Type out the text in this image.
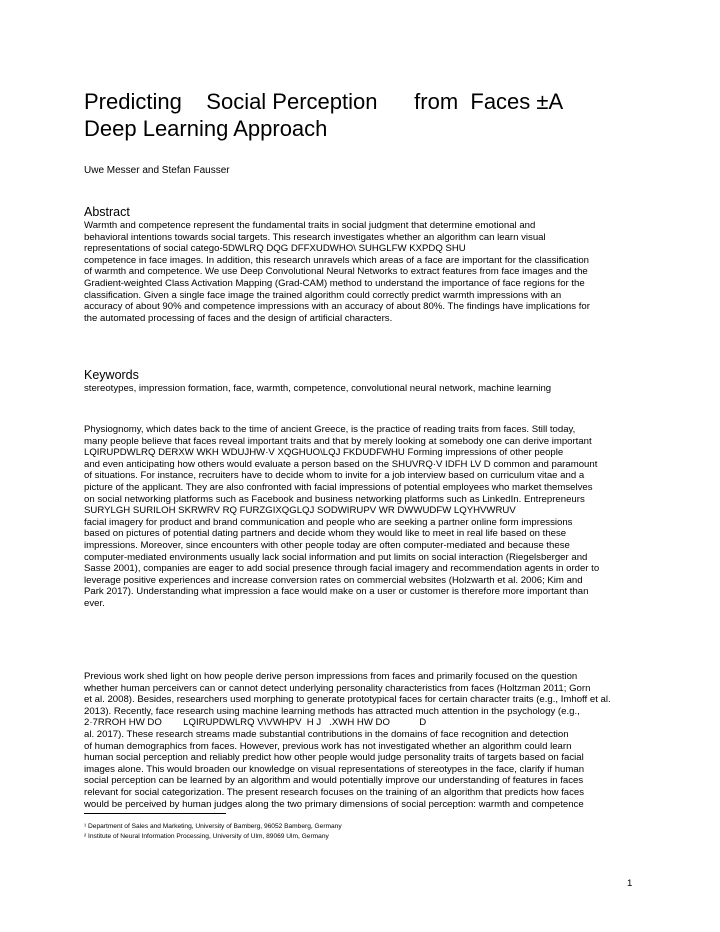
Predicting    Social Perception      from  Faces ±A
Deep Learning Approach
Uwe Messer and Stefan Fausser
Abstract
Warmth and competence represent the fundamental traits in social judgment that determine emotional and
behavioral intentions towards social targets. This research investigates whether an algorithm can learn visual
representations of social catego-5DWLRQ DQG DFFXUDWHO\ SUHGLFW KXPDQ SHU
competence in face images. In addition, this research unravels which areas of a face are important for the classification
of warmth and competence. We use Deep Convolutional Neural Networks to extract features from face images and the
Gradient-weighted Class Activation Mapping (Grad-CAM) method to understand the importance of face regions for the
classification. Given a single face image the trained algorithm could correctly predict warmth impressions with an
accuracy of about 90% and competence impressions with an accuracy of about 80%. The findings have implications for
the automated processing of faces and the design of artificial characters.
Keywords
stereotypes, impression formation, face, warmth, competence, convolutional neural network, machine learning
Physiognomy, which dates back to the time of ancient Greece, is the practice of reading traits from faces. Still today,
many people believe that faces reveal important traits and that by merely looking at somebody one can derive important
LQIRUPDWLRQ DERXW WKH WDUJHW·V XQGHUO\LQJ FKDUDFWHU Forming impressions of other people
and even anticipating how others would evaluate a person based on the SHUVRQ·V IDFH LV D common and paramount
of situations. For instance, recruiters have to decide whom to invite for a job interview based on curriculum vitae and a
picture of the applicant. They are also confronted with facial impressions of potential employees who market themselves
on social networking platforms such as Facebook and business networking platforms such as LinkedIn. Entrepreneurs
SURYLGH SURILOH SKRWRV RQ FURZGIXQGLQJ SODWIRUPV WR DWWUDFW LQYHVWRUV
facial imagery for product and brand communication and people who are seeking a partner online form impressions
based on pictures of potential dating partners and decide whom they would like to meet in real life based on these
impressions. Moreover, since encounters with other people today are often computer-mediated and because these
computer-mediated environments usually lack social information and put limits on social interaction (Riegelsberger and
Sasse 2001), companies are eager to add social presence through facial imagery and recommendation agents in order to
leverage positive experiences and increase conversion rates on commercial websites (Holzwarth et al. 2006; Kim and
Park 2017). Understanding what impression a face would make on a user or customer is therefore more important than
ever.
Previous work shed light on how people derive person impressions from faces and primarily focused on the question
whether human perceivers can or cannot detect underlying personality characteristics from faces (Holtzman 2011; Gorn
et al. 2008). Besides, researchers used morphing to generate prototypical faces for certain character traits (e.g., Imhoff et al.
2013). Recently, face research using machine learning methods has attracted much attention in the psychology (e.g.,
2·7RROH HW DO        LQIRUPDWLRQ V\VWHPV  H J   .XWH HW DO           D
al. 2017). These research streams made substantial contributions in the domains of face recognition and detection
of human demographics from faces. However, previous work has not investigated whether an algorithm could learn
human social perception and reliably predict how other people would judge personality traits of targets based on facial
images alone. This would broaden our knowledge on visual representations of stereotypes in the face, clarify if human
social perception can be learned by an algorithm and would potentially improve our understanding of features in faces
relevant for social categorization. The present research focuses on the training of an algorithm that predicts how faces
would be perceived by human judges along the two primary dimensions of social perception: warmth and competence
¹ Department of Sales and Marketing, University of Bamberg, 96052 Bamberg, Germany
² Institute of Neural Information Processing, University of Ulm, 89069 Ulm, Germany
1
